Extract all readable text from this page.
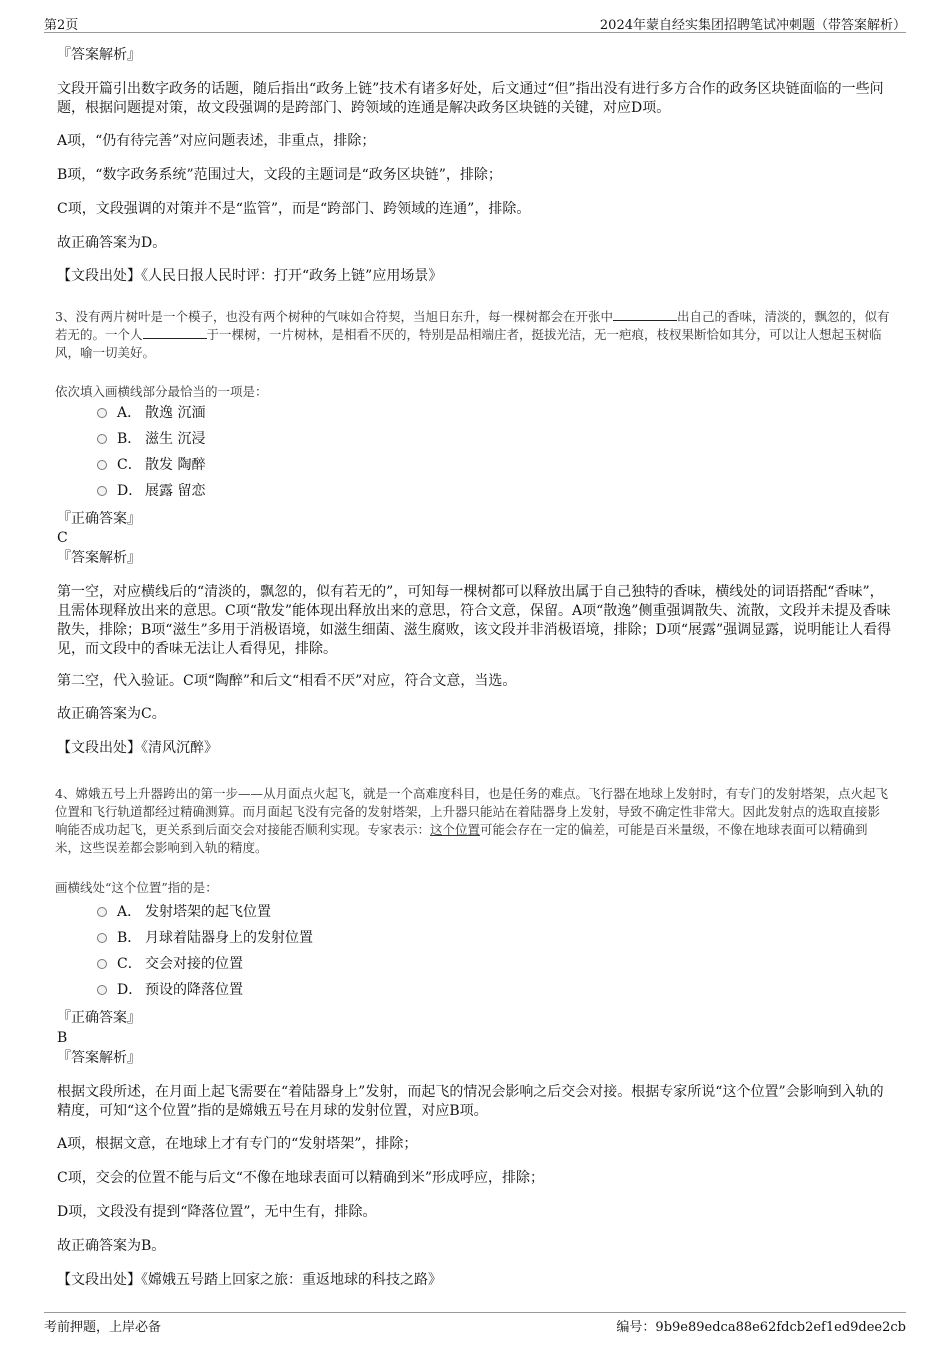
第2页	2024年蒙自经实集团招聘笔试冲刺题（带答案解析）

『答案解析』

文段开篇引出数字政务的话题，随后指出“政务上链”技术有诸多好处，后文通过“但”指出没有进行多方合作的政务区块链面临的一些问题，根据问题提对策，故文段强调的是跨部门、跨领域的连通是解决政务区块链的关键，对应D项。

A项，“仍有待完善”对应问题表述，非重点，排除；

B项，“数字政务系统”范围过大，文段的主题词是“政务区块链”，排除；

C项，文段强调的对策并不是“监管”，而是“跨部门、跨领域的连通”，排除。

故正确答案为D。

【文段出处】《人民日报人民时评：打开“政务上链”应用场景》

3、没有两片树叶是一个模子，也没有两个树种的气味如合符契，当旭日东升，每一棵树都会在开张中	出自己的香味，清淡的，飘忽的，似有若无的。一个人	于一棵树，一片树林，是相看不厌的，特别是品相端庄者，挺拔光洁，无一疤痕，枝杈果断恰如其分，可以让人想起玉树临风，喻一切美好。

依次填入画横线部分最恰当的一项是：

A． 散逸 沉湎
B． 滋生 沉浸
C． 散发 陶醉
D． 展露 留恋

『正确答案』

C

『答案解析』

第一空，对应横线后的“清淡的，飘忽的，似有若无的”，可知每一棵树都可以释放出属于自己独特的香味，横线处的词语搭配“香味”，且需体现释放出来的意思。C项“散发”能体现出释放出来的意思，符合文意，保留。A项“散逸”侧重强调散失、流散，文段并未提及香味散失，排除；B项“滋生”多用于消极语境，如滋生细菌、滋生腐败，该文段并非消极语境，排除；D项“展露”强调显露，说明能让人看得见，而文段中的香味无法让人看得见，排除。

第二空，代入验证。C项“陶醉”和后文“相看不厌”对应，符合文意，当选。

故正确答案为C。

【文段出处】《清风沉醉》

4、嫦娥五号上升器跨出的第一步——从月面点火起飞，就是一个高难度科目，也是任务的难点。飞行器在地球上发射时，有专门的发射塔架，点火起飞位置和飞行轨道都经过精确测算。而月面起飞没有完备的发射塔架，上升器只能站在着陆器身上发射，导致不确定性非常大。因此发射点的选取直接影响能否成功起飞，更关系到后面交会对接能否顺利实现。专家表示：这个位置可能会存在一定的偏差，可能是百米量级，不像在地球表面可以精确到米，这些误差都会影响到入轨的精度。

画横线处“这个位置”指的是：

A． 发射塔架的起飞位置
B． 月球着陆器身上的发射位置
C． 交会对接的位置
D． 预设的降落位置

『正确答案』

B

『答案解析』

根据文段所述，在月面上起飞需要在“着陆器身上”发射，而起飞的情况会影响之后交会对接。根据专家所说“这个位置”会影响到入轨的精度，可知“这个位置”指的是嫦娥五号在月球的发射位置，对应B项。

A项，根据文意，在地球上才有专门的“发射塔架”，排除；

C项，交会的位置不能与后文“不像在地球表面可以精确到米”形成呼应，排除；

D项，文段没有提到“降落位置”，无中生有，排除。

故正确答案为B。

【文段出处】《嫦娥五号踏上回家之旅：重返地球的科技之路》

考前押题，上岸必备	编号：9b9e89edca88e62fdcb2ef1ed9dee2cb
